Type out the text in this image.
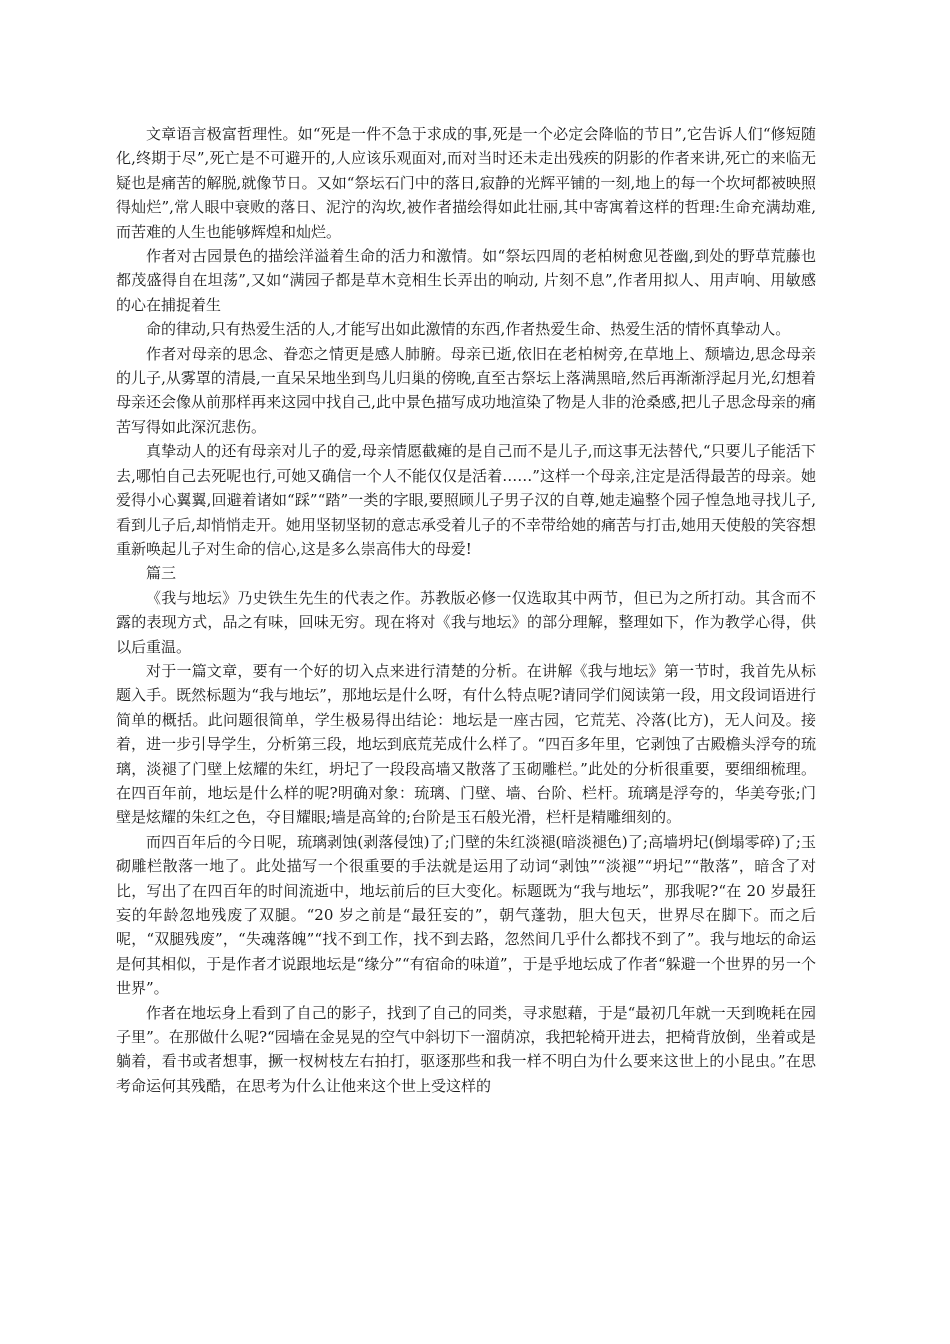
文章语言极富哲理性。如“死是一件不急于求成的事,死是一个必定会降临的节日”,它告诉人们“修短随化,终期于尽”,死亡是不可避开的,人应该乐观面对,而对当时还未走出残疾的阴影的作者来讲,死亡的来临无疑也是痛苦的解脱,就像节日。又如“祭坛石门中的落日,寂静的光辉平铺的一刻,地上的每一个坎坷都被映照得灿烂”,常人眼中衰败的落日、泥泞的沟坎,被作者描绘得如此壮丽,其中寄寓着这样的哲理:生命充满劫难,而苦难的人生也能够辉煌和灿烂。

作者对古园景色的描绘洋溢着生命的活力和激情。如“祭坛四周的老柏树愈见苍幽,到处的野草荒藤也都茂盛得自在坦荡”,又如“满园子都是草木竞相生长弄出的响动, 片刻不息”,作者用拟人、用声响、用敏感的心在捕捉着生

命的律动,只有热爱生活的人,才能写出如此激情的东西,作者热爱生命、热爱生活的情怀真挚动人。

作者对母亲的思念、眷恋之情更是感人肺腑。母亲已逝,依旧在老柏树旁,在草地上、颓墙边,思念母亲的儿子,从雾罩的清晨,一直呆呆地坐到鸟儿归巢的傍晚,直至古祭坛上落满黑暗,然后再渐渐浮起月光,幻想着母亲还会像从前那样再来这园中找自己,此中景色描写成功地渲染了物是人非的沧桑感,把儿子思念母亲的痛苦写得如此深沉悲伤。

真挚动人的还有母亲对儿子的爱,母亲情愿截瘫的是自己而不是儿子,而这事无法替代,“只要儿子能活下去,哪怕自己去死呢也行,可她又确信一个人不能仅仅是活着……”这样一个母亲,注定是活得最苦的母亲。她爱得小心翼翼,回避着诸如“踩”“踏”一类的字眼,要照顾儿子男子汉的自尊,她走遍整个园子惶急地寻找儿子,看到儿子后,却悄悄走开。她用坚韧坚韧的意志承受着儿子的不幸带给她的痛苦与打击,她用天使般的笑容想重新唤起儿子对生命的信心,这是多么崇高伟大的母爱!

篇三

《我与地坛》乃史铁生先生的代表之作。苏教版必修一仅选取其中两节，但已为之所打动。其含而不露的表现方式，品之有味，回味无穷。现在将对《我与地坛》的部分理解，整理如下，作为教学心得，供以后重温。

对于一篇文章，要有一个好的切入点来进行清楚的分析。在讲解《我与地坛》第一节时，我首先从标题入手。既然标题为“我与地坛”，那地坛是什么呀，有什么特点呢?请同学们阅读第一段，用文段词语进行简单的概括。此问题很简单，学生极易得出结论：地坛是一座古园，它荒芜、冷落(比方)，无人问及。接着，进一步引导学生，分析第三段，地坛到底荒芜成什么样了。“四百多年里，它剥蚀了古殿檐头浮夸的琉璃，淡褪了门壁上炫耀的朱红，坍圮了一段段高墙又散落了玉砌雕栏。”此处的分析很重要，要细细梳理。在四百年前，地坛是什么样的呢?明确对象：琉璃、门壁、墙、台阶、栏杆。琉璃是浮夸的，华美夸张;门壁是炫耀的朱红之色，夺目耀眼;墙是高耸的;台阶是玉石般光滑，栏杆是精雕细刻的。

而四百年后的今日呢，琉璃剥蚀(剥落侵蚀)了;门壁的朱红淡褪(暗淡褪色)了;高墙坍圮(倒塌零碎)了;玉砌雕栏散落一地了。此处描写一个很重要的手法就是运用了动词“剥蚀”“淡褪”“坍圮”“散落”，暗含了对比，写出了在四百年的时间流逝中，地坛前后的巨大变化。标题既为“我与地坛”，那我呢?“在 20 岁最狂妄的年龄忽地残废了双腿。“20 岁之前是“最狂妄的”，朝气蓬勃，胆大包天，世界尽在脚下。而之后呢，“双腿残废”，“失魂落魄”“找不到工作，找不到去路，忽然间几乎什么都找不到了”。我与地坛的命运是何其相似，于是作者才说跟地坛是“缘分”“有宿命的味道”，于是乎地坛成了作者“躲避一个世界的另一个世界”。

作者在地坛身上看到了自己的影子，找到了自己的同类，寻求慰藉，于是“最初几年就一天到晚耗在园子里”。在那做什么呢?“园墙在金晃晃的空气中斜切下一溜荫凉，我把轮椅开进去，把椅背放倒，坐着或是躺着，看书或者想事，撅一杈树枝左右拍打，驱逐那些和我一样不明白为什么要来这世上的小昆虫。”在思考命运何其残酷，在思考为什么让他来这个世上受这样的
